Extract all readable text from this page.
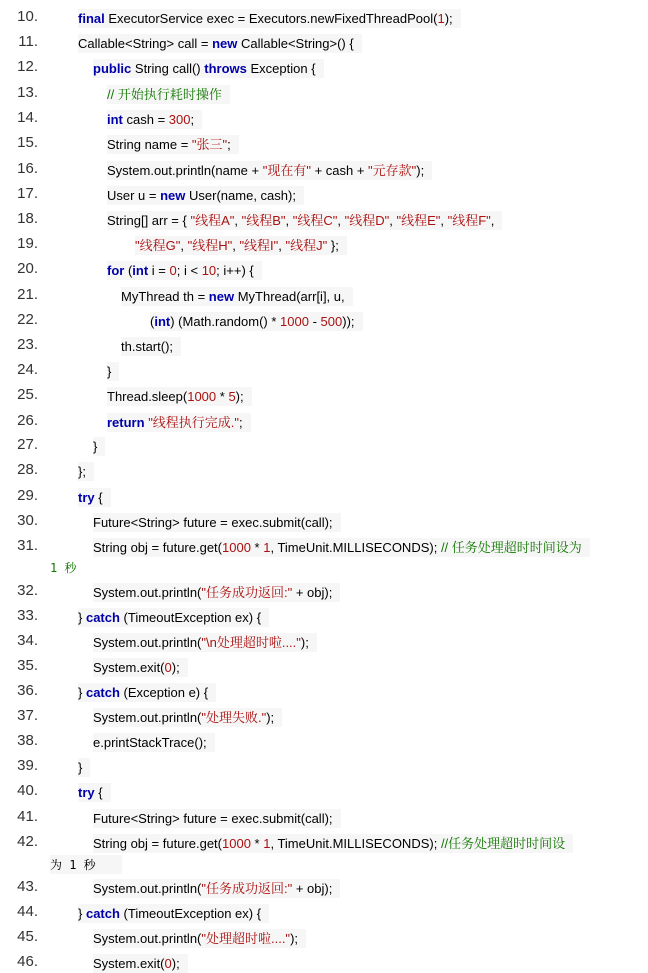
10.	final ExecutorService exec = Executors.newFixedThreadPool(1);
11.	Callable<String> call = new Callable<String>() {
12.	public String call() throws Exception {
13.	// 开始执行耗时操作
14.	int cash = 300;
15.	String name = "张三";
16.	System.out.println(name + "现在有" + cash + "元存款");
17.	User u = new User(name, cash);
18.	String[] arr = { "线程A", "线程B", "线程C", "线程D", "线程E", "线程F",
19.	"线程G", "线程H", "线程I", "线程J" };
20.	for (int i = 0; i < 10; i++) {
21.	MyThread th = new MyThread(arr[i], u,
22.	(int) (Math.random() * 1000 - 500));
23.	th.start();
24.	}
25.	Thread.sleep(1000 * 5);
26.	return "线程执行完成.";
27.	}
28.	};
29.	try {
30.	Future<String> future = exec.submit(call);
31.	String obj = future.get(1000 * 1, TimeUnit.MILLISECONDS); // 任务处理超时时间设为
1 秒
32.	System.out.println("任务成功返回:" + obj);
33.	} catch (TimeoutException ex) {
34.	System.out.println("\n处理超时啦....");
35.	System.exit(0);
36.	} catch (Exception e) {
37.	System.out.println("处理失败.");
38.	e.printStackTrace();
39.	}
40.	try {
41.	Future<String> future = exec.submit(call);
42.	String obj = future.get(1000 * 1, TimeUnit.MILLISECONDS); //任务处理超时时间设
为 1 秒
43.	System.out.println("任务成功返回:" + obj);
44.	} catch (TimeoutException ex) {
45.	System.out.println("处理超时啦....");
46.	System.exit(0);
